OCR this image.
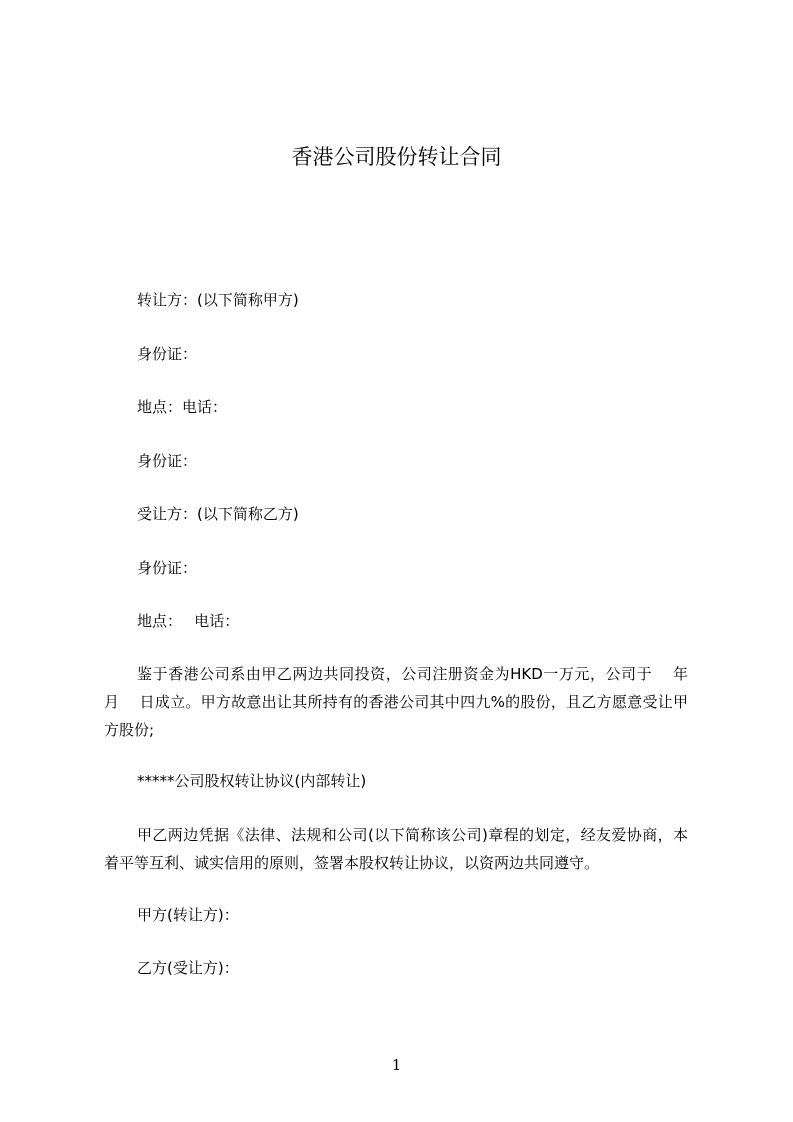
香港公司股份转让合同
转让方：(以下简称甲方)
身份证：
地点：电话：
身份证：
受让方：(以下简称乙方)
身份证：
地点：　 电话：
鉴于香港公司系由甲乙两边共同投资，公司注册资金为HKD一万元，公司于　 年　 月　 日成立。甲方故意出让其所持有的香港公司其中四九%的股份，且乙方愿意受让甲方股份;
*****公司股权转让协议(内部转让)
甲乙两边凭据《法律、法规和公司(以下简称该公司)章程的划定，经友爱协商，本着平等互利、诚实信用的原则，签署本股权转让协议，以资两边共同遵守。
甲方(转让方)：
乙方(受让方)：
1
